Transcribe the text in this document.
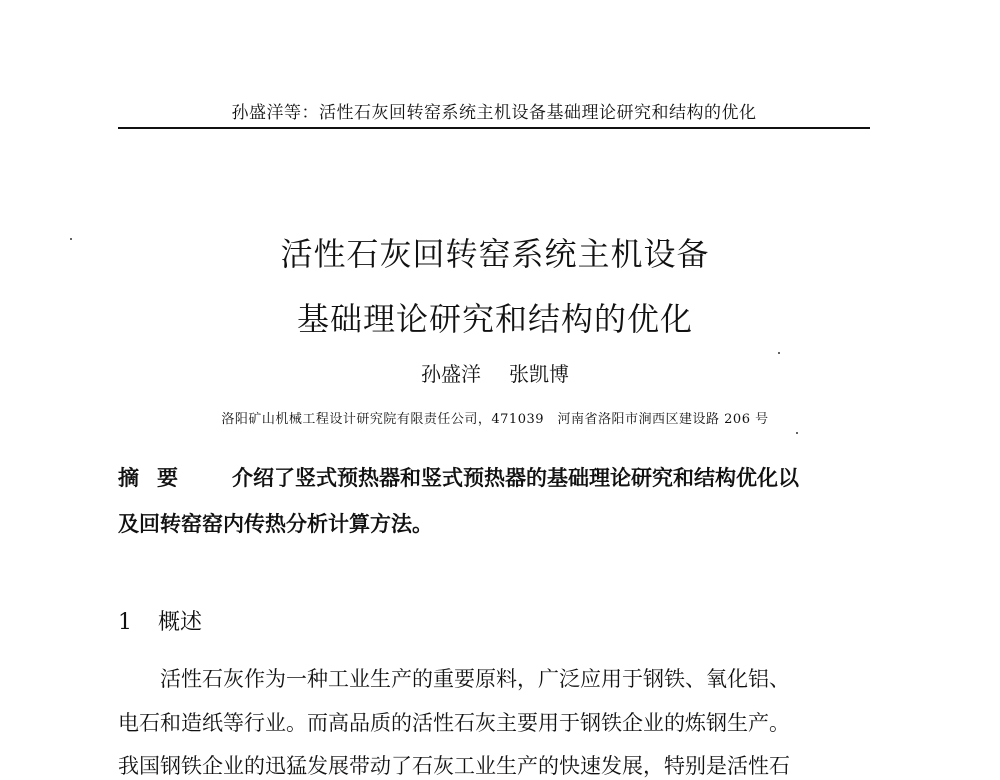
孙盛洋等：活性石灰回转窑系统主机设备基础理论研究和结构的优化
活性石灰回转窑系统主机设备
基础理论研究和结构的优化
孙盛洋 张凯博
洛阳矿山机械工程设计研究院有限责任公司，471039　河南省洛阳市涧西区建设路 206 号
摘要 介绍了竖式预热器和竖式预热器的基础理论研究和结构优化以
及回转窑窑内传热分析计算方法。
1 概述
活性石灰作为一种工业生产的重要原料，广泛应用于钢铁、氧化铝、
电石和造纸等行业。而高品质的活性石灰主要用于钢铁企业的炼钢生产。
我国钢铁企业的迅猛发展带动了石灰工业生产的快速发展，特别是活性石
